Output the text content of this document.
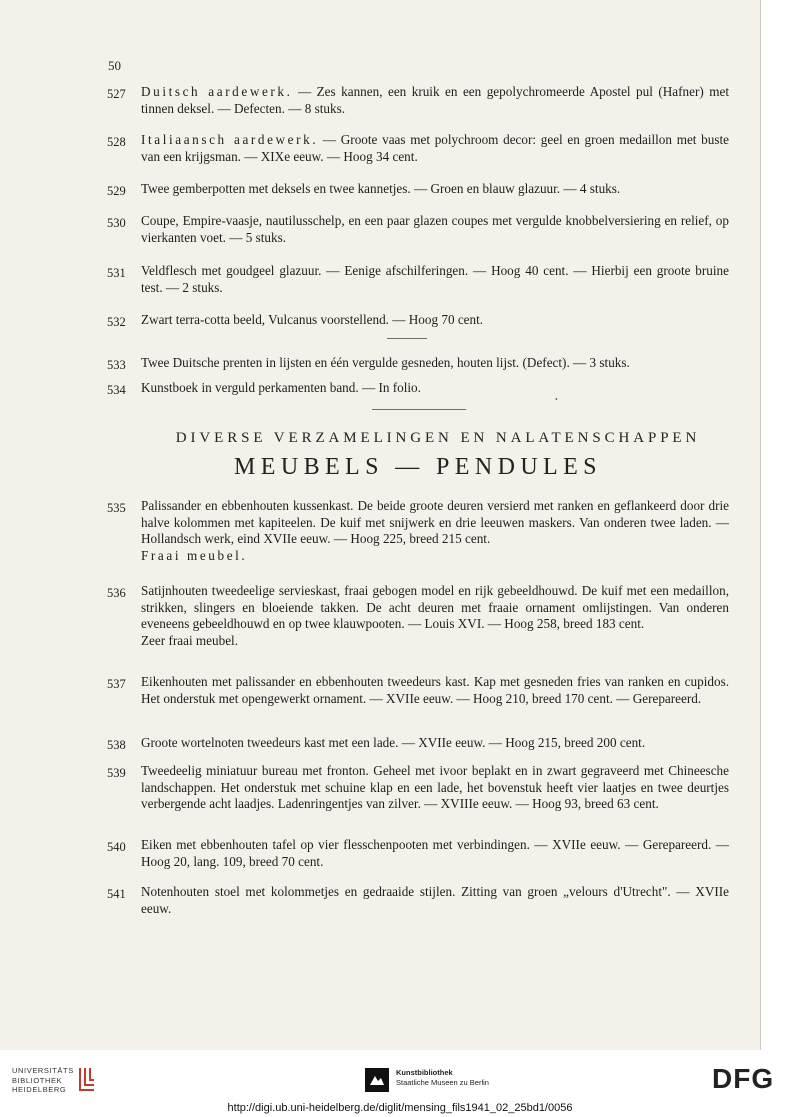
50
527	Duitsch aardewerk. — Zes kannen, een kruik en een gepolychromeerde Apostel pul (Hafner) met tinnen deksel. — Defecten. — 8 stuks.
528	Italiaansch aardewerk. — Groote vaas met polychroom decor: geel en groen medaillon met buste van een krijgsman. — XIXe eeuw. — Hoog 34 cent.
529	Twee gemberpotten met deksels en twee kannetjes. — Groen en blauw glazuur. — 4 stuks.
530	Coupe, Empire-vaasje, nautilusschelp, en een paar glazen coupes met vergulde knobbelversiering en relief, op vierkanten voet. — 5 stuks.
531	Veldflesch met goudgeel glazuur. — Eenige afschilferingen. — Hoog 40 cent. — Hierbij een groote bruine test. — 2 stuks.
532	Zwart terra-cotta beeld, Vulcanus voorstellend. — Hoog 70 cent.
533	Twee Duitsche prenten in lijsten en één vergulde gesneden, houten lijst. (Defect). — 3 stuks.
534	Kunstboek in verguld perkamenten band. — In folio.
•
DIVERSE VERZAMELINGEN EN NALATENSCHAPPEN
MEUBELS — PENDULES
535	Palissander en ebbenhouten kussenkast. De beide groote deuren versierd met ranken en geflankeerd door drie halve kolommen met kapiteelen. De kuif met snijwerk en drie leeuwen maskers. Van onderen twee laden. — Hollandsch werk, eind XVIIe eeuw. — Hoog 225, breed 215 cent.
Fraai meubel.
536	Satijnhouten tweedeelige servieskast, fraai gebogen model en rijk gebeeldhouwd. De kuif met een medaillon, strikken, slingers en bloeiende takken. De acht deuren met fraaie ornament omlijstingen. Van onderen eveneens gebeeldhouwd en op twee klauwpooten. — Louis XVI. — Hoog 258, breed 183 cent.
Zeer fraai meubel.
537	Eikenhouten met palissander en ebbenhouten tweedeurs kast. Kap met gesneden fries van ranken en cupidos. Het onderstuk met opengewerkt ornament. — XVIIe eeuw. — Hoog 210, breed 170 cent. — Gerepareerd.
538	Groote wortelnoten tweedeurs kast met een lade. — XVIIe eeuw. — Hoog 215, breed 200 cent.
539	Tweedeelig miniatuur bureau met fronton. Geheel met ivoor beplakt en in zwart gegraveerd met Chineesche landschappen. Het onderstuk met schuine klap en een lade, het bovenstuk heeft vier laatjes en twee deurtjes verbergende acht laadjes. Ladenringentjes van zilver. — XVIIIe eeuw. — Hoog 93, breed 63 cent.
540	Eiken met ebbenhouten tafel op vier flesschenpooten met verbindingen. — XVIIe eeuw. — Gerepareerd. — Hoog 20, lang. 109, breed 70 cent.
541	Notenhouten stoel met kolommetjes en gedraaide stijlen. Zitting van groen „velours d'Utrecht". — XVIIe eeuw.
UNIVERSITÄTS
BIBLIOTHEK
HEIDELBERG
Kunstbibliothek
Staatliche Museen zu Berlin	DFG
http://digi.ub.uni-heidelberg.de/diglit/mensing_fils1941_02_25bd1/0056
